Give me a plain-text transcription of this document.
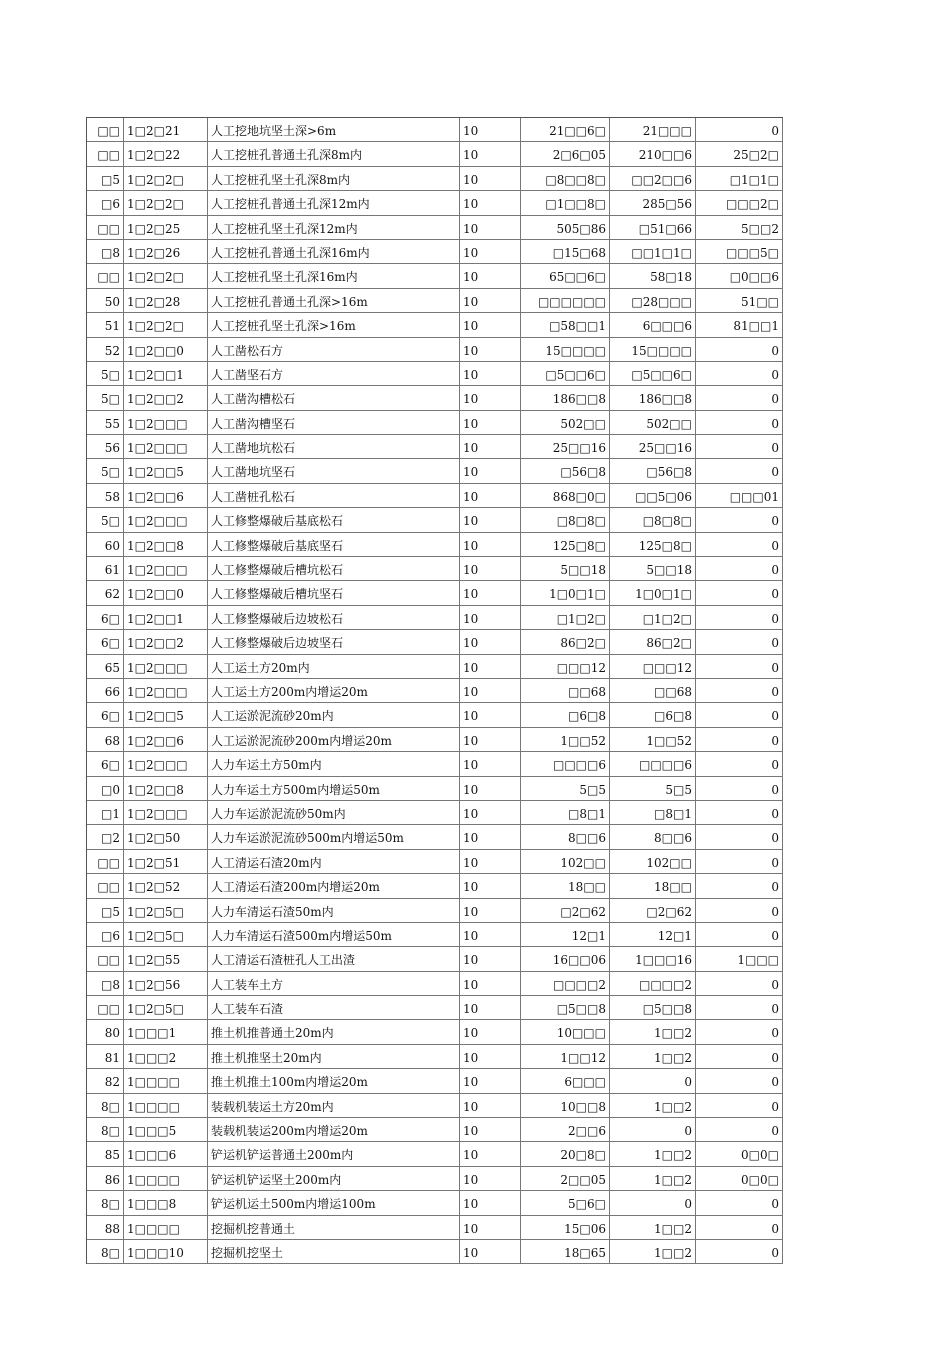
□□ 1□2□21	人工挖地坑坚土深>6m	10	21□□6□	21□□□	0
□□ 1□2□22	人工挖桩孔普通土孔深8m内	10	2□6□05	210□□6	25□2□
□5 1□2□2□	人工挖桩孔坚土孔深8m内	10	□8□□8□	□□2□□6	□1□1□
□6 1□2□2□	人工挖桩孔普通土孔深12m内	10	□1□□8□	285□56	□□□2□
□□ 1□2□25	人工挖桩孔坚土孔深12m内	10	505□86	□51□66	5□□2
□8 1□2□26	人工挖桩孔普通土孔深16m内	10	□15□68	□□1□1□	□□□5□
□□ 1□2□2□	人工挖桩孔坚土孔深16m内	10	65□□6□	58□18	□0□□6
50 1□2□28	人工挖桩孔普通土孔深>16m	10	□□□□□□	□28□□□	51□□
51 1□2□2□	人工挖桩孔坚土孔深>16m	10	□58□□1	6□□□6	81□□1
52 1□2□□0	人工凿松石方	10	15□□□□	15□□□□	0
5□ 1□2□□1	人工凿坚石方	10	□5□□6□	□5□□6□	0
5□ 1□2□□2	人工凿沟槽松石	10	186□□8	186□□8	0
55 1□2□□□	人工凿沟槽坚石	10	502□□	502□□	0
56 1□2□□□	人工凿地坑松石	10	25□□16	25□□16	0
5□ 1□2□□5	人工凿地坑坚石	10	□56□8	□56□8	0
58 1□2□□6	人工凿桩孔松石	10	868□0□	□□5□06	□□□01
5□ 1□2□□□	人工修整爆破后基底松石	10	□8□8□	□8□8□	0
60 1□2□□8	人工修整爆破后基底坚石	10	125□8□	125□8□	0
61 1□2□□□	人工修整爆破后槽坑松石	10	5□□18	5□□18	0
62 1□2□□0	人工修整爆破后槽坑坚石	10	1□0□1□	1□0□1□	0
6□ 1□2□□1	人工修整爆破后边坡松石	10	□1□2□	□1□2□	0
6□ 1□2□□2	人工修整爆破后边坡坚石	10	86□2□	86□2□	0
65 1□2□□□	人工运土方20m内	10	□□□12	□□□12	0
66 1□2□□□	人工运土方200m内增运20m	10	□□68	□□68	0
6□ 1□2□□5	人工运淤泥流砂20m内	10	□6□8	□6□8	0
68 1□2□□6	人工运淤泥流砂200m内增运20m	10	1□□52	1□□52	0
6□ 1□2□□□	人力车运土方50m内	10	□□□□6	□□□□6	0
□0 1□2□□8	人力车运土方500m内增运50m	10	5□5	5□5	0
□1 1□2□□□	人力车运淤泥流砂50m内	10	□8□1	□8□1	0
□2 1□2□50	人力车运淤泥流砂500m内增运50m	10	8□□6	8□□6	0
□□ 1□2□51	人工清运石渣20m内	10	102□□	102□□	0
□□ 1□2□52	人工清运石渣200m内增运20m	10	18□□	18□□	0
□5 1□2□5□	人力车清运石渣50m内	10	□2□62	□2□62	0
□6 1□2□5□	人力车清运石渣500m内增运50m	10	12□1	12□1	0
□□ 1□2□55	人工清运石渣桩孔人工出渣	10	16□□06	1□□□16	1□□□
□8 1□2□56	人工装车土方	10	□□□□2	□□□□2	0
□□ 1□2□5□	人工装车石渣	10	□5□□8	□5□□8	0
80 1□□□1	推土机推普通土20m内	10	10□□□	1□□2	0
81 1□□□2	推土机推坚土20m内	10	1□□12	1□□2	0
82 1□□□□	推土机推土100m内增运20m	10	6□□□	0	0
8□ 1□□□□	装载机装运土方20m内	10	10□□8	1□□2	0
8□ 1□□□5	装载机装运200m内增运20m	10	2□□6	0	0
85 1□□□6	铲运机铲运普通土200m内	10	20□8□	1□□2	0□0□
86 1□□□□	铲运机铲运坚土200m内	10	2□□05	1□□2	0□0□
8□ 1□□□8	铲运机运土500m内增运100m	10	5□6□	0	0
88 1□□□□	挖掘机挖普通土	10	15□06	1□□2	0
8□ 1□□□10	挖掘机挖坚土	10	18□65	1□□2	0
